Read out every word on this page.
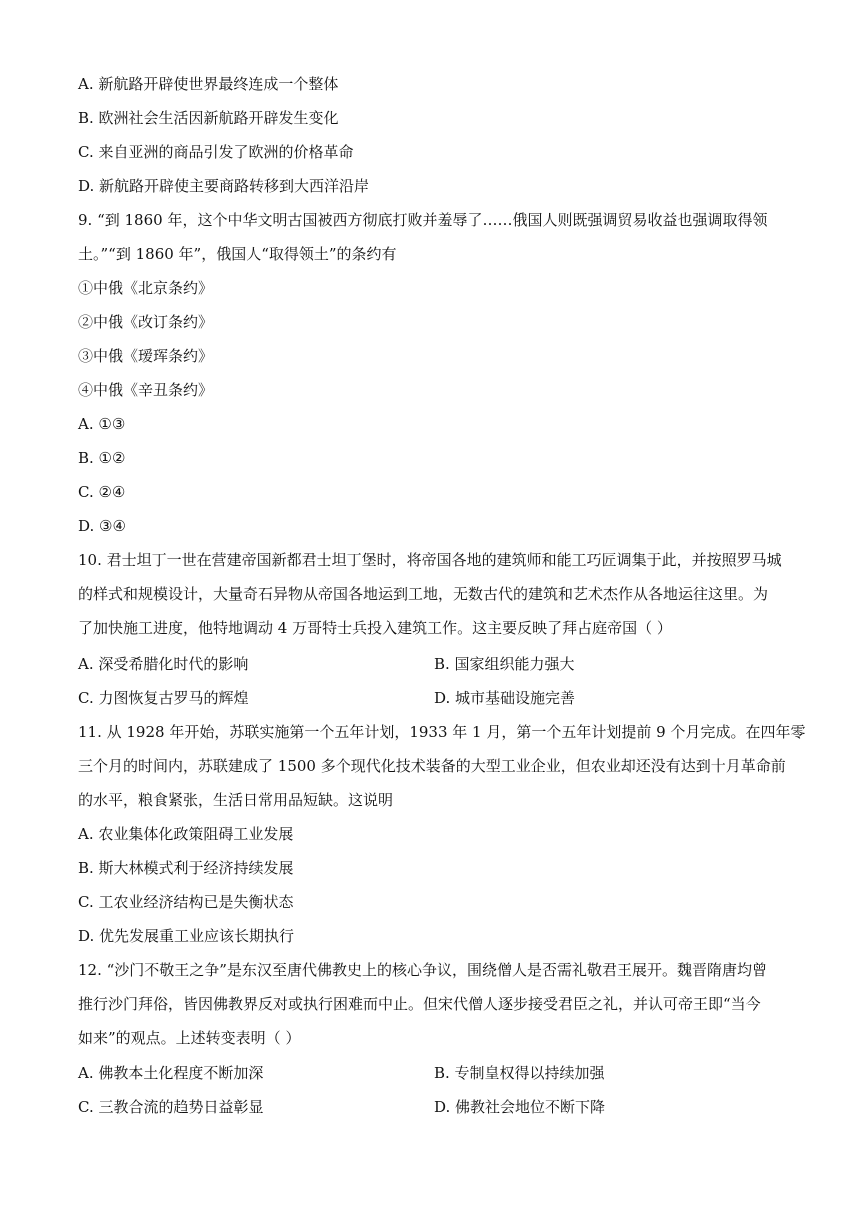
A. 新航路开辟使世界最终连成一个整体
B. 欧洲社会生活因新航路开辟发生变化
C. 来自亚洲的商品引发了欧洲的价格革命
D. 新航路开辟使主要商路转移到大西洋沿岸
9. “到 1860 年，这个中华文明古国被西方彻底打败并羞辱了……俄国人则既强调贸易收益也强调取得领
土。”“到 1860 年”，俄国人“取得领土”的条约有
①中俄《北京条约》
②中俄《改订条约》
③中俄《瑷珲条约》
④中俄《辛丑条约》
A. ①③
B. ①②
C. ②④
D. ③④
10. 君士坦丁一世在营建帝国新都君士坦丁堡时，将帝国各地的建筑师和能工巧匠调集于此，并按照罗马城
的样式和规模设计，大量奇石异物从帝国各地运到工地，无数古代的建筑和艺术杰作从各地运往这里。为
了加快施工进度，他特地调动 4 万哥特士兵投入建筑工作。这主要反映了拜占庭帝国（ ）
A. 深受希腊化时代的影响	B. 国家组织能力强大
C. 力图恢复古罗马的辉煌	D. 城市基础设施完善
11. 从 1928 年开始，苏联实施第一个五年计划，1933 年 1 月，第一个五年计划提前 9 个月完成。在四年零
三个月的时间内，苏联建成了 1500 多个现代化技术装备的大型工业企业，但农业却还没有达到十月革命前
的水平，粮食紧张，生活日常用品短缺。这说明
A. 农业集体化政策阻碍工业发展
B. 斯大林模式利于经济持续发展
C. 工农业经济结构已是失衡状态
D. 优先发展重工业应该长期执行
12. “沙门不敬王之争”是东汉至唐代佛教史上的核心争议，围绕僧人是否需礼敬君王展开。魏晋隋唐均曾
推行沙门拜俗，皆因佛教界反对或执行困难而中止。但宋代僧人逐步接受君臣之礼，并认可帝王即“当今
如来”的观点。上述转变表明（ ）
A. 佛教本土化程度不断加深	B. 专制皇权得以持续加强
C. 三教合流的趋势日益彰显	D. 佛教社会地位不断下降
